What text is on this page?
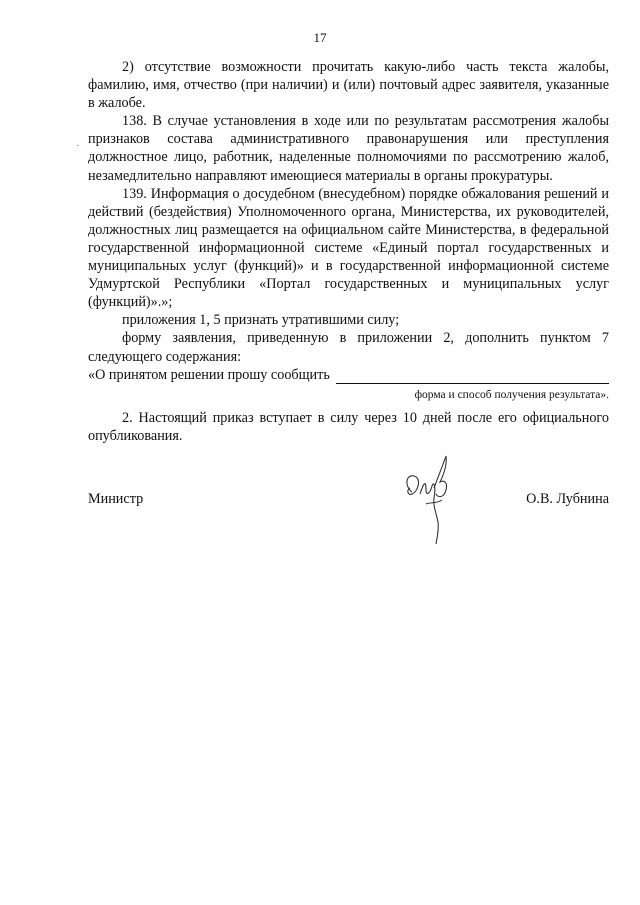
17
·

2) отсутствие возможности прочитать какую-либо часть текста жалобы, фамилию, имя, отчество (при наличии) и (или) почтовый адрес заявителя, указанные в жалобе.

138. В случае установления в ходе или по результатам рассмотрения жалобы признаков состава административного правонарушения или преступления должностное лицо, работник, наделенные полномочиями по рассмотрению жалоб, незамедлительно направляют имеющиеся материалы в органы прокуратуры.

139. Информация о досудебном (внесудебном) порядке обжалования решений и действий (бездействия) Уполномоченного органа, Министерства, их руководителей, должностных лиц размещается на официальном сайте Министерства, в федеральной государственной информационной системе «Единый портал государственных и муниципальных услуг (функций)» и в государственной информационной системе Удмуртской Республики «Портал государственных и муниципальных услуг (функций)».»;

приложения 1, 5 признать утратившими силу;

форму заявления, приведенную в приложении 2, дополнить пунктом 7 следующего содержания:

«О принятом решении прошу сообщить

форма и способ получения результата».

2. Настоящий приказ вступает в силу через 10 дней после его официального опубликования.

Министр	О.В. Лубнина
